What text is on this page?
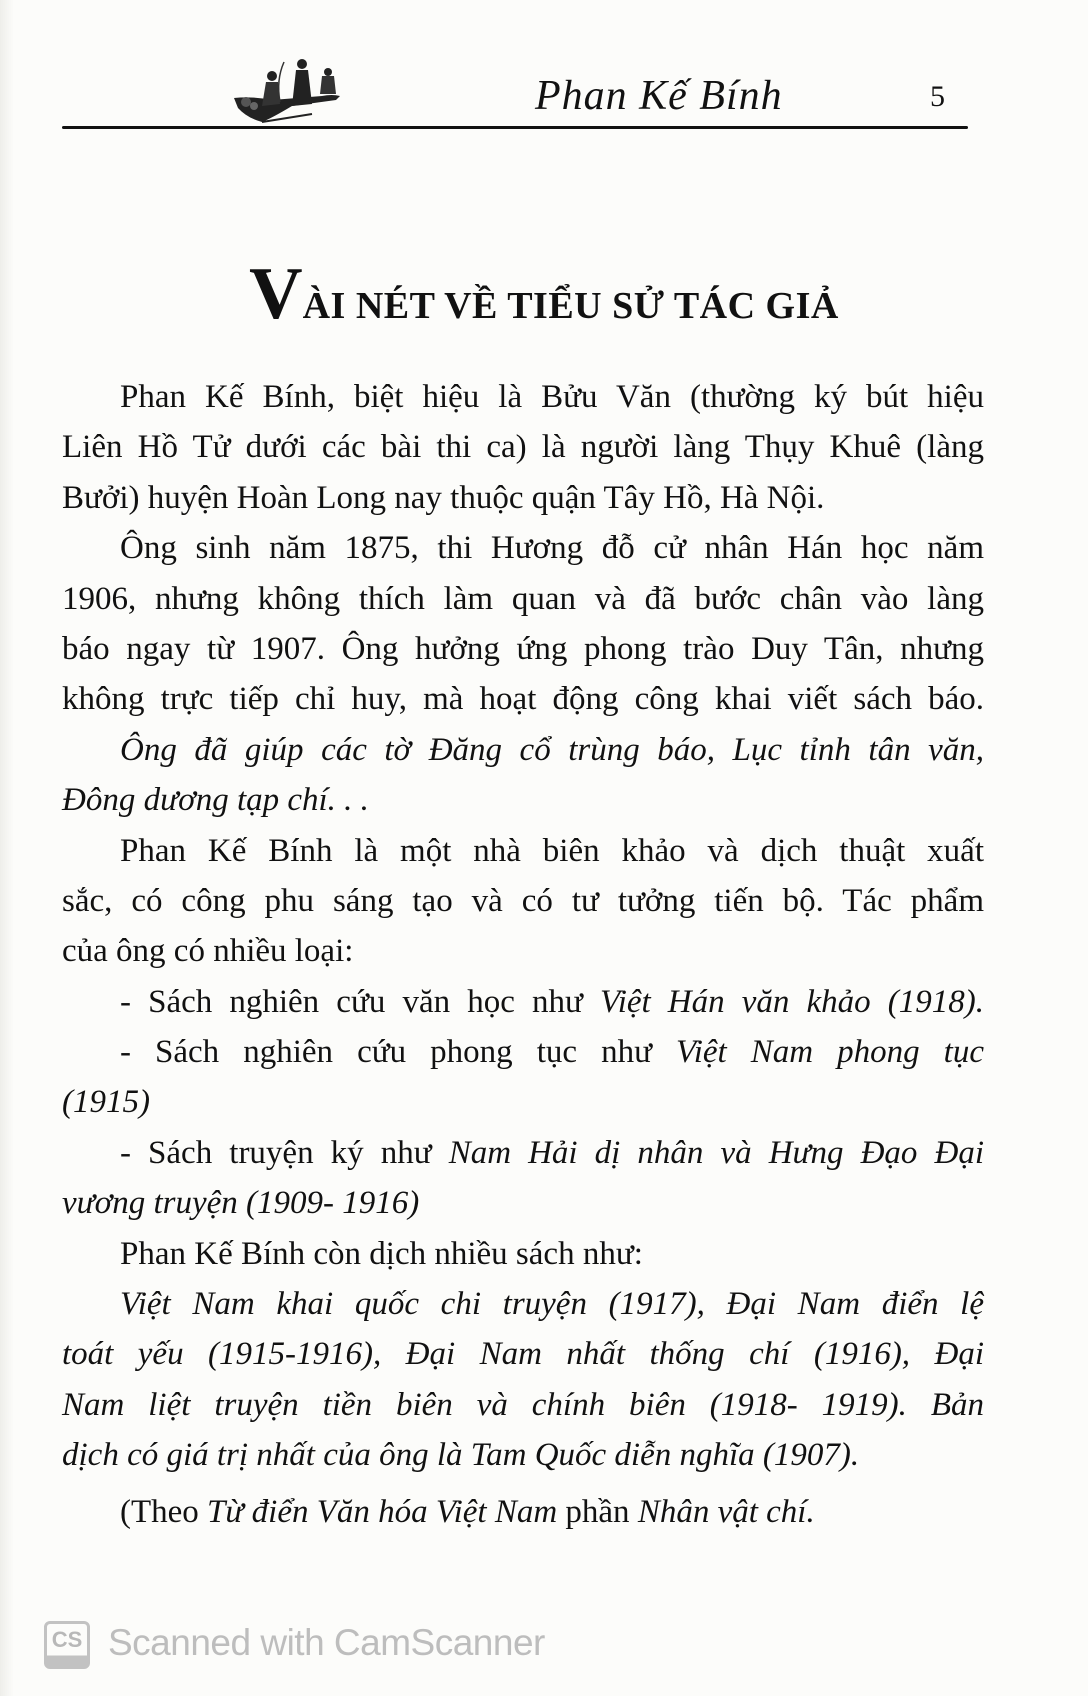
Phan Kế Bính	5
VÀI NÉT VỀ TIỂU SỬ TÁC GIẢ
Phan Kế Bính, biệt hiệu là Bửu Văn (thường ký bút hiệu
Liên Hồ Tử dưới các bài thi ca) là người làng Thụy Khuê (làng
Bưởi) huyện Hoàn Long nay thuộc quận Tây Hồ, Hà Nội.
Ông sinh năm 1875, thi Hương đỗ cử nhân Hán học năm
1906, nhưng không thích làm quan và đã bước chân vào làng
báo ngay từ 1907. Ông hưởng ứng phong trào Duy Tân, nhưng
không trực tiếp chỉ huy, mà hoạt động công khai viết sách báo.
Ông đã giúp các tờ Đăng cổ trùng báo, Lục tỉnh tân văn,
Đông dương tạp chí. . .
Phan Kế Bính là một nhà biên khảo và dịch thuật xuất
sắc, có công phu sáng tạo và có tư tưởng tiến bộ. Tác phẩm
của ông có nhiều loại:
- Sách nghiên cứu văn học như Việt Hán văn khảo (1918).
- Sách nghiên cứu phong tục như Việt Nam phong tục
(1915)
- Sách truyện ký như Nam Hải dị nhân và Hưng Đạo Đại
vương truyện (1909- 1916)
Phan Kế Bính còn dịch nhiều sách như:
Việt Nam khai quốc chi truyện (1917), Đại Nam điển lệ
toát yếu (1915-1916), Đại Nam nhất thống chí (1916), Đại
Nam liệt truyện tiền biên và chính biên (1918- 1919). Bản
dịch có giá trị nhất của ông là Tam Quốc diễn nghĩa (1907).
(Theo Từ điển Văn hóa Việt Nam phần Nhân vật chí.
CS Scanned with CamScanner
